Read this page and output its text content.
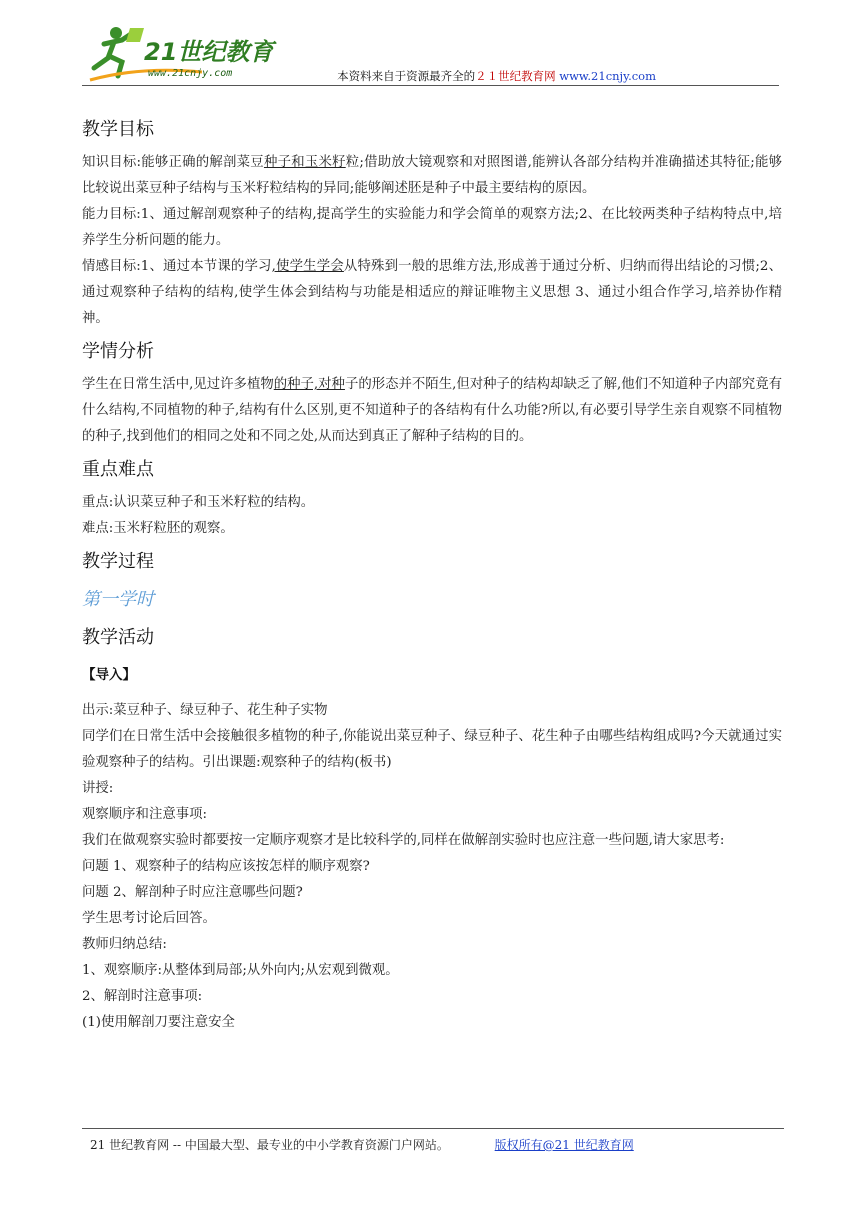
21世纪教育
www.21cnjy.com	本资料来自于资源最齐全的２１世纪教育网 www.21cnjy.com
教学目标

知识目标:能够正确的解剖菜豆种子和玉米籽粒;借助放大镜观察和对照图谱,能辨认各部分结构并准确描述其特征;能够比较说出菜豆种子结构与玉米籽粒结构的异同;能够阐述胚是种子中最主要结构的原因。

能力目标:1、通过解剖观察种子的结构,提高学生的实验能力和学会简单的观察方法;2、在比较两类种子结构特点中,培养学生分析问题的能力。

情感目标:1、通过本节课的学习,使学生学会从特殊到一般的思维方法,形成善于通过分析、归纳而得出结论的习惯;2、通过观察种子结构的结构,使学生体会到结构与功能是相适应的辩证唯物主义思想 3、通过小组合作学习,培养协作精神。

学情分析

学生在日常生活中,见过许多植物的种子,对种子的形态并不陌生,但对种子的结构却缺乏了解,他们不知道种子内部究竟有什么结构,不同植物的种子,结构有什么区别,更不知道种子的各结构有什么功能?所以,有必要引导学生亲自观察不同植物的种子,找到他们的相同之处和不同之处,从而达到真正了解种子结构的目的。

重点难点

重点:认识菜豆种子和玉米籽粒的结构。

难点:玉米籽粒胚的观察。

教学过程
第一学时
教学活动
【导入】

出示:菜豆种子、绿豆种子、花生种子实物

同学们在日常生活中会接触很多植物的种子,你能说出菜豆种子、绿豆种子、花生种子由哪些结构组成吗?今天就通过实验观察种子的结构。引出课题:观察种子的结构(板书)

讲授:

观察顺序和注意事项:

我们在做观察实验时都要按一定顺序观察才是比较科学的,同样在做解剖实验时也应注意一些问题,请大家思考:

问题 1、观察种子的结构应该按怎样的顺序观察?

问题 2、解剖种子时应注意哪些问题?

学生思考讨论后回答。

教师归纳总结:

1、观察顺序:从整体到局部;从外向内;从宏观到微观。

2、解剖时注意事项:

(1)使用解剖刀要注意安全

21 世纪教育网 -- 中国最大型、最专业的中小学教育资源门户网站。	版权所有@21 世纪教育网
